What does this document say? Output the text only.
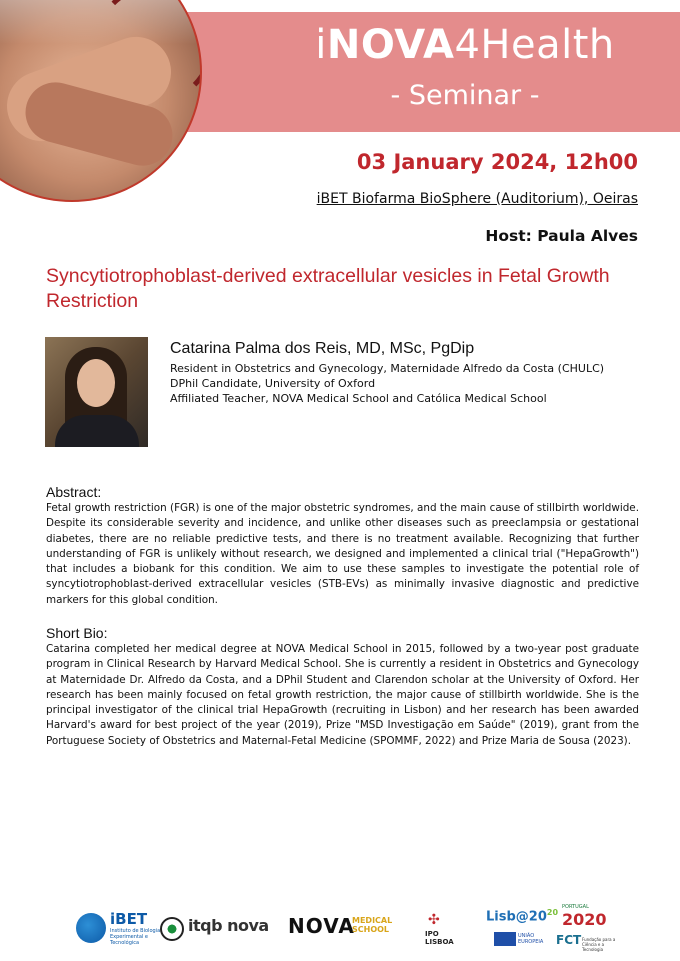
iNOVA4Health
- Seminar -
03 January 2024, 12h00
iBET Biofarma BioSphere (Auditorium), Oeiras
Host: Paula Alves
Syncytiotrophoblast-derived extracellular vesicles in Fetal Growth Restriction
Catarina Palma dos Reis, MD, MSc, PgDip
Resident in Obstetrics and Gynecology, Maternidade Alfredo da Costa (CHULC)
DPhil Candidate, University of Oxford
Affiliated Teacher, NOVA Medical School and Católica Medical School
Abstract:
Fetal growth restriction (FGR) is one of the major obstetric syndromes, and the main cause of stillbirth worldwide. Despite its considerable severity and incidence, and unlike other diseases such as preeclampsia or gestational diabetes, there are no reliable predictive tests, and there is no treatment available. Recognizing that further understanding of FGR is unlikely without research, we designed and implemented a clinical trial ("HepaGrowth") that includes a biobank for this condition. We aim to use these samples to investigate the potential role of syncytiotrophoblast-derived extracellular vesicles (STB-EVs) as minimally invasive diagnostic and predictive markers for this global condition.
Short Bio:
Catarina completed her medical degree at NOVA Medical School in 2015, followed by a two-year post graduate program in Clinical Research by Harvard Medical School. She is currently a resident in Obstetrics and Gynecology at Maternidade Dr. Alfredo da Costa, and a DPhil Student and Clarendon scholar at the University of Oxford. Her research has been mainly focused on fetal growth restriction, the major cause of stillbirth worldwide. She is the principal investigator of the clinical trial HepaGrowth (recruiting in Lisbon) and her research has been awarded Harvard's award for best project of the year (2019), Prize "MSD Investigação em Saúde" (2019), grant from the Portuguese Society of Obstetrics and Maternal-Fetal Medicine (SPOMMF, 2022) and Prize Maria de Sousa (2023).
iBET
Instituto de Biologia Experimental e Tecnológica
itqb nova NOVA
MEDICAL SCHOOL
✣
IPO
LISBOA
$Lisb@20^{20}$
UNIÃO EUROPEIA
PORTUGAL
2020
FCT Fundação para a Ciência e a Tecnologia
